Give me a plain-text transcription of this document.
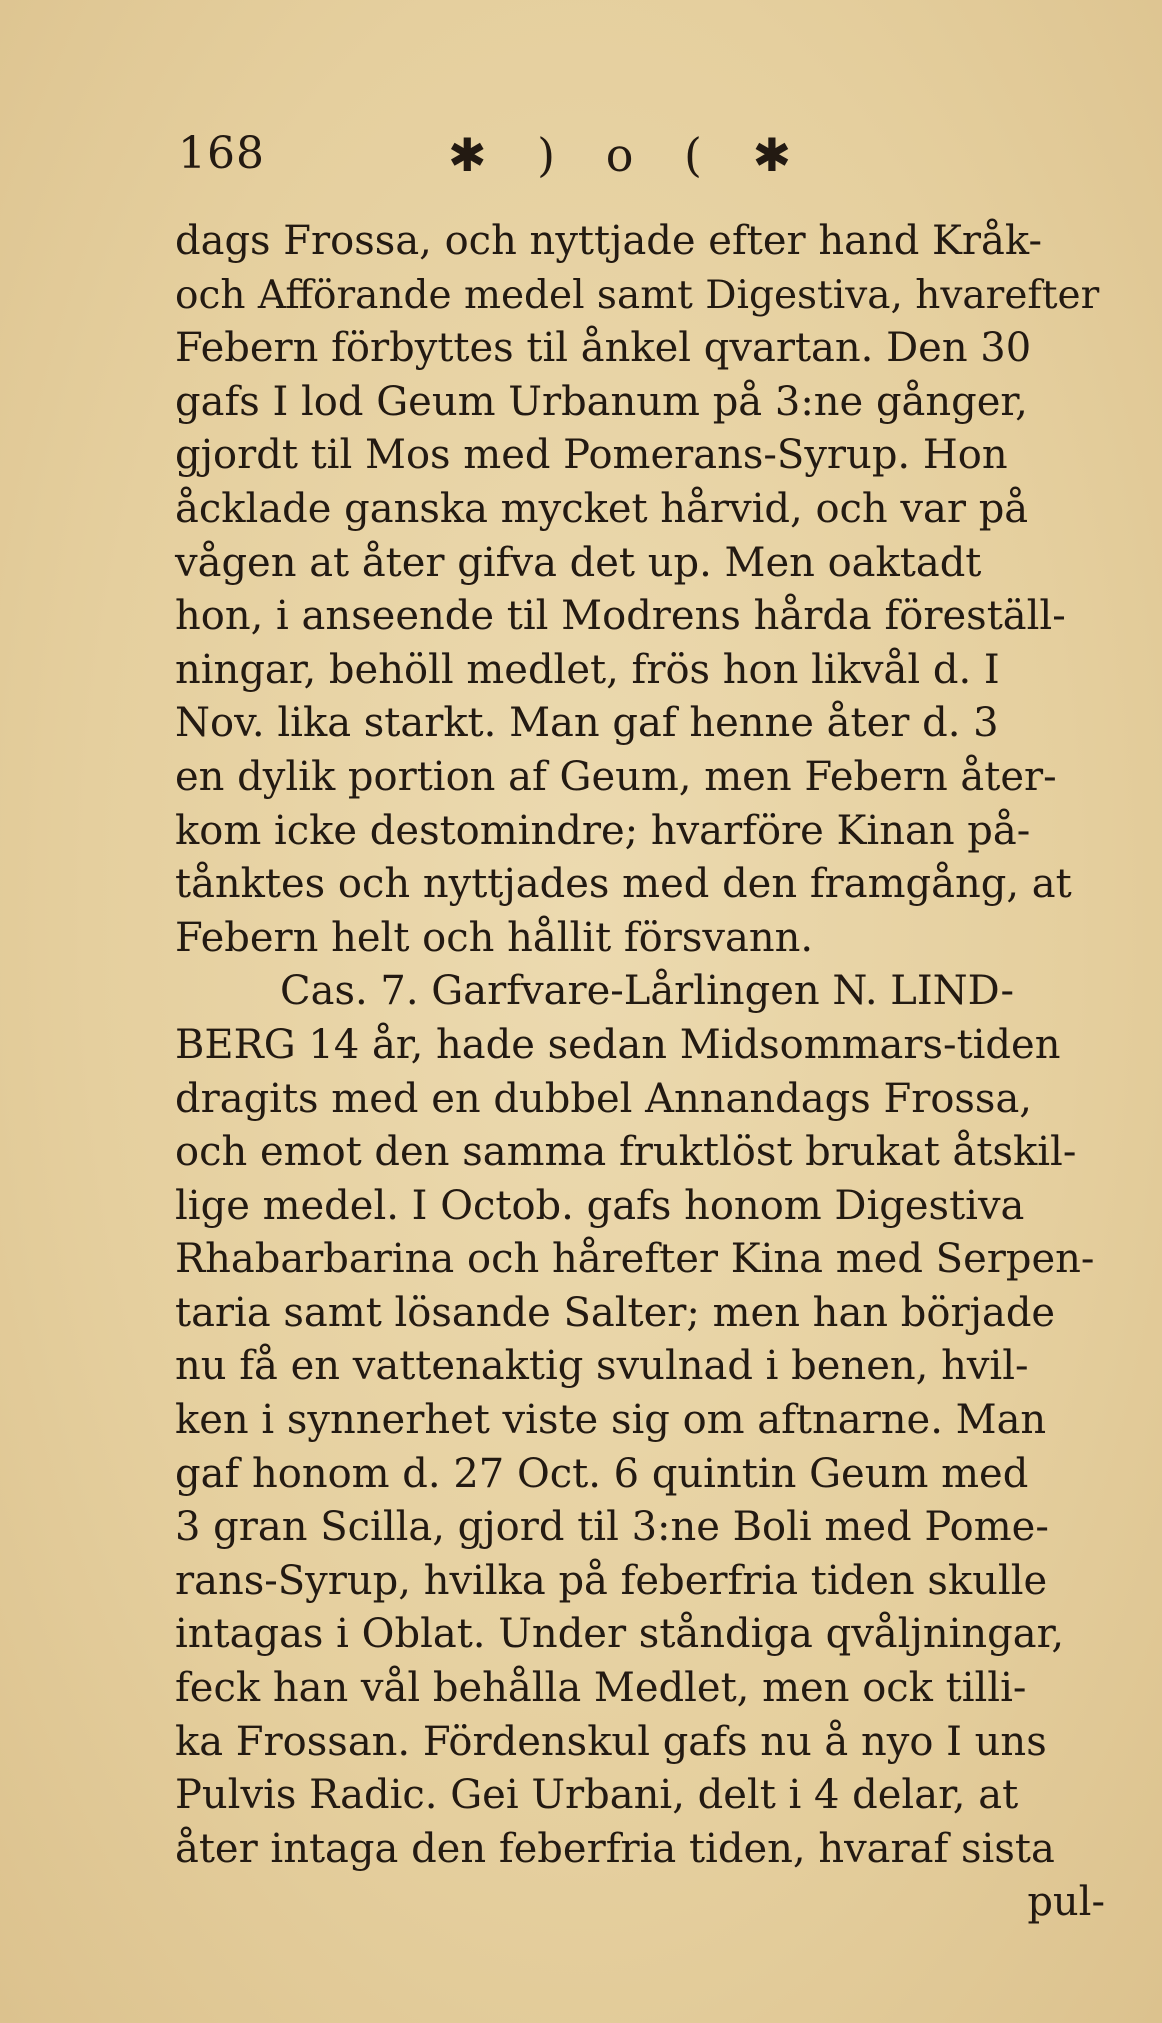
168	✱ ) o ( ✱
dags Frossa, och nyttjade efter hand Kråk-
och Afförande medel samt Digestiva, hvarefter
Febern förbyttes til ånkel qvartan. Den 30
gafs I lod Geum Urbanum på 3:ne gånger,
gjordt til Mos med Pomerans-Syrup. Hon
åcklade ganska mycket hårvid, och var på
vågen at åter gifva det up. Men oaktadt
hon, i anseende til Modrens hårda föreställ-
ningar, behöll medlet, frös hon likvål d. I
Nov. lika starkt. Man gaf henne åter d. 3
en dylik portion af Geum, men Febern åter-
kom icke destomindre; hvarföre Kinan på-
tånktes och nyttjades med den framgång, at
Febern helt och hållit försvann.
Cas. 7. Garfvare-Lårlingen N. LIND-
BERG 14 år, hade sedan Midsommars-tiden
dragits med en dubbel Annandags Frossa,
och emot den samma fruktlöst brukat åtskil-
lige medel. I Octob. gafs honom Digestiva
Rhabarbarina och hårefter Kina med Serpen-
taria samt lösande Salter; men han började
nu få en vattenaktig svulnad i benen, hvil-
ken i synnerhet viste sig om aftnarne. Man
gaf honom d. 27 Oct. 6 quintin Geum med
3 gran Scilla, gjord til 3:ne Boli med Pome-
rans-Syrup, hvilka på feberfria tiden skulle
intagas i Oblat. Under ståndiga qvåljningar,
feck han vål behålla Medlet, men ock tilli-
ka Frossan. Fördenskul gafs nu å nyo I uns
Pulvis Radic. Gei Urbani, delt i 4 delar, at
åter intaga den feberfria tiden, hvaraf sista
pul-
